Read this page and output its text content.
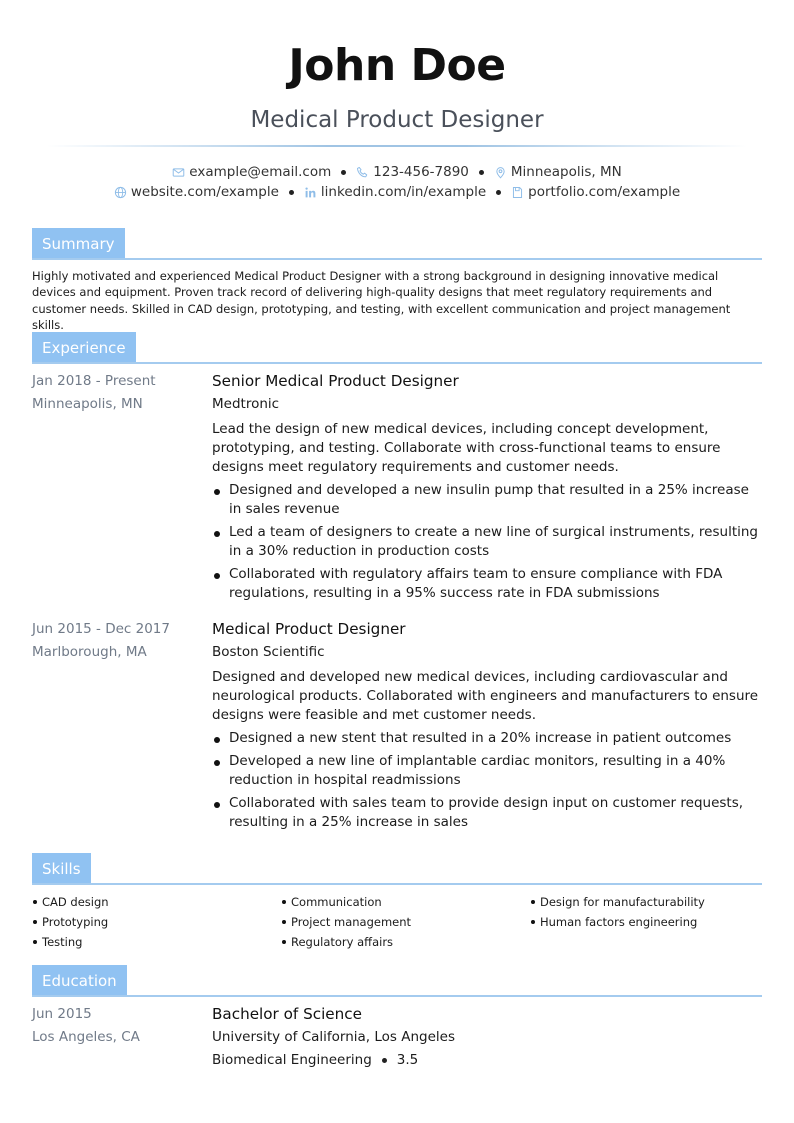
John Doe
Medical Product Designer
example@email.com	123-456-7890	Minneapolis, MN
website.com/example	linkedin.com/in/example	portfolio.com/example
Summary
Highly motivated and experienced Medical Product Designer with a strong background in designing innovative medical devices and equipment. Proven track record of delivering high-quality designs that meet regulatory requirements and customer needs. Skilled in CAD design, prototyping, and testing, with excellent communication and project management skills.
Experience
Jan 2018 - Present
Minneapolis, MN
Senior Medical Product Designer
Medtronic
Lead the design of new medical devices, including concept development, prototyping, and testing. Collaborate with cross-functional teams to ensure designs meet regulatory requirements and customer needs.
Designed and developed a new insulin pump that resulted in a 25% increase in sales revenue
Led a team of designers to create a new line of surgical instruments, resulting in a 30% reduction in production costs
Collaborated with regulatory affairs team to ensure compliance with FDA regulations, resulting in a 95% success rate in FDA submissions
Jun 2015 - Dec 2017
Marlborough, MA
Medical Product Designer
Boston Scientific
Designed and developed new medical devices, including cardiovascular and neurological products. Collaborated with engineers and manufacturers to ensure designs were feasible and met customer needs.
Designed a new stent that resulted in a 20% increase in patient outcomes
Developed a new line of implantable cardiac monitors, resulting in a 40% reduction in hospital readmissions
Collaborated with sales team to provide design input on customer requests, resulting in a 25% increase in sales
Skills
CAD design	Communication	Design for manufacturability
Prototyping	Project management	Human factors engineering
Testing	Regulatory affairs
Education
Jun 2015
Los Angeles, CA
Bachelor of Science
University of California, Los Angeles
Biomedical Engineering 3.5
